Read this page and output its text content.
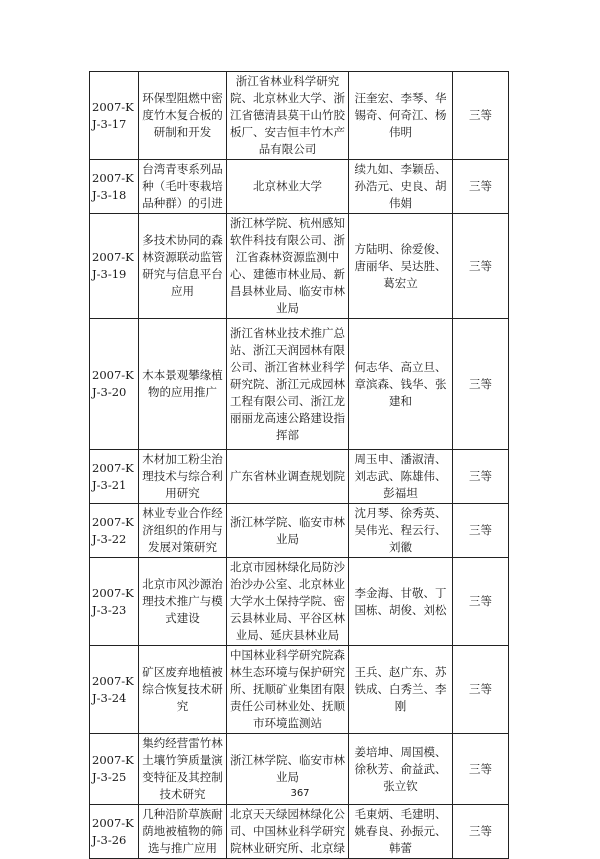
2007-KJ-3-17	环保型阻燃中密度竹木复合板的研制和开发	浙江省林业科学研究院、北京林业大学、浙江省德清县莫干山竹胶板厂、安吉恒丰竹木产品有限公司	汪奎宏、李琴、华锡奇、何奇江、杨伟明	三等
2007-KJ-3-18	台湾青枣系列品种（毛叶枣栽培品种群）的引进	北京林业大学	续九如、李颖岳、孙浩元、史良、胡伟娟	三等
2007-KJ-3-19	多技术协同的森林资源联动监管研究与信息平台应用	浙江林学院、杭州感知软件科技有限公司、浙江省森林资源监测中心、建德市林业局、新昌县林业局、临安市林业局	方陆明、徐爱俊、唐丽华、吴达胜、葛宏立	三等
2007-KJ-3-20	木本景观攀缘植物的应用推广	浙江省林业技术推广总站、浙江天润园林有限公司、浙江省林业科学研究院、浙江元成园林工程有限公司、浙江龙丽丽龙高速公路建设指挥部	何志华、高立旦、章滨森、钱华、张建和	三等
2007-KJ-3-21	木材加工粉尘治理技术与综合利用研究	广东省林业调查规划院	周玉申、潘淑清、刘志武、陈雄伟、彭福坦	三等
2007-KJ-3-22	林业专业合作经济组织的作用与发展对策研究	浙江林学院、临安市林业局	沈月琴、徐秀英、吴伟光、程云行、刘徽	三等
2007-KJ-3-23	北京市风沙源治理技术推广与模式建设	北京市园林绿化局防沙治沙办公室、北京林业大学水土保持学院、密云县林业局、平谷区林业局、延庆县林业局	李金海、甘敬、丁国栋、胡俊、刘松	三等
2007-KJ-3-24	矿区废弃地植被综合恢复技术研究	中国林业科学研究院森林生态环境与保护研究所、抚顺矿业集团有限责任公司林业处、抚顺市环境监测站	王兵、赵广东、苏铁成、白秀兰、李刚	三等
2007-KJ-3-25	集约经营雷竹林土壤竹笋质量演变特征及其控制技术研究	浙江林学院、临安市林业局	姜培坤、周国模、徐秋芳、俞益武、张立钦	三等
2007-KJ-3-26	几种沿阶草族耐荫地被植物的筛选与推广应用	北京天天绿园林绿化公司、中国林业科学研究院林业研究所、北京绿	毛東炳、毛建明、姚春良、孙振元、韩蕾	三等
367
